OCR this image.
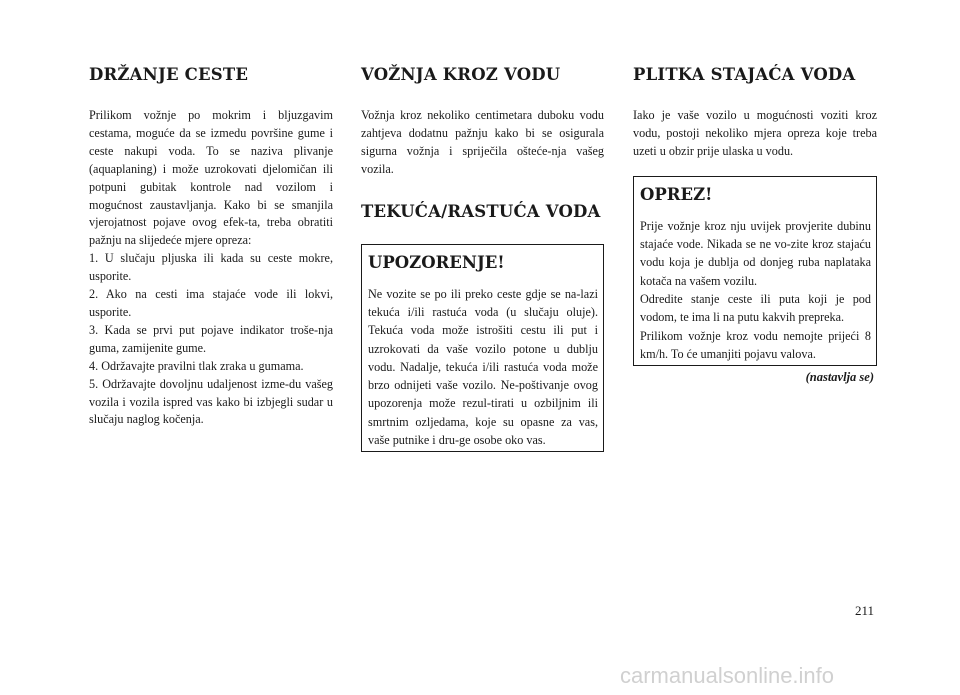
DRŽANJE CESTE

Prilikom vožnje po mokrim i bljuzgavim cestama, moguće da se izmedu površine gume i ceste nakupi voda. To se naziva plivanje (aquaplaning) i može uzrokovati djelomičan ili potpuni gubitak kontrole nad vozilom i mogućnost zaustavljanja. Kako bi se smanjila vjerojatnost pojave ovog efek-ta, treba obratiti pažnju na slijedeće mjere opreza:

1. U slučaju pljuska ili kada su ceste mokre, usporite.

2. Ako na cesti ima stajaće vode ili lokvi, usporite.

3. Kada se prvi put pojave indikator troše-nja guma, zamijenite gume.

4. Održavajte pravilni tlak zraka u gumama.

5. Održavajte dovoljnu udaljenost izme-du vašeg vozila i vozila ispred vas kako bi izbjegli sudar u slučaju naglog kočenja.

VOŽNJA KROZ VODU

Vožnja kroz nekoliko centimetara duboku vodu zahtjeva dodatnu pažnju kako bi se osigurala sigurna vožnja i spriječila ošteće-nja vašeg vozila.

TEKUĆA/RASTUĆA VODA
UPOZORENJE!

Ne vozite se po ili preko ceste gdje se na-lazi tekuća i/ili rastuća voda (u slučaju oluje). Tekuća voda može istrošiti cestu ili put i uzrokovati da vaše vozilo potone u dublju vodu. Nadalje, tekuća i/ili rastuća voda može brzo odnijeti vaše vozilo. Ne-poštivanje ovog upozorenja može rezul-tirati u ozbiljnim ili smrtnim ozljedama, koje su opasne za vas, vaše putnike i dru-ge osobe oko vas.

PLITKA STAJAĆA VODA

Iako je vaše vozilo u mogućnosti voziti kroz vodu, postoji nekoliko mjera opreza koje treba uzeti u obzir prije ulaska u vodu.

OPREZ!

Prije vožnje kroz nju uvijek provjerite dubinu stajaće vode. Nikada se ne vo-zite kroz stajaću vodu koja je dublja od donjeg ruba naplataka kotača na vašem vozilu.

Odredite stanje ceste ili puta koji je pod vodom, te ima li na putu kakvih prepreka.

Prilikom vožnje kroz vodu nemojte prijeći 8 km/h. To će umanjiti pojavu valova.

(nastavlja se)
211
carmanualsonline.info
